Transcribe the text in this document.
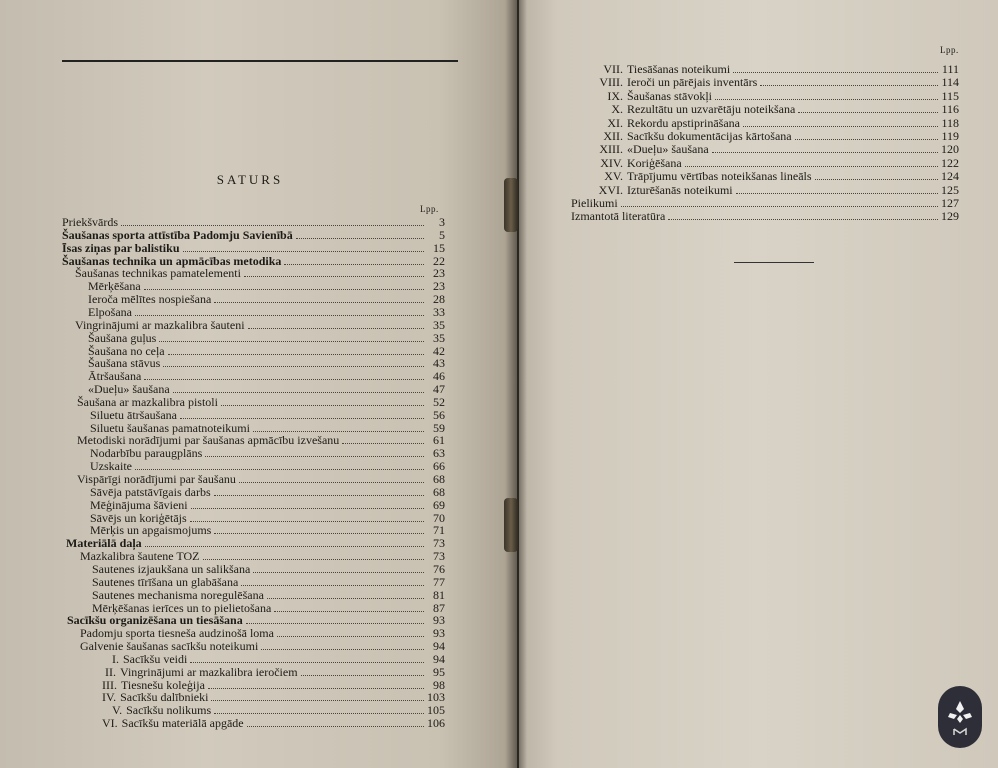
SATURS
Lpp.
Priekšvārds	3
Šaušanas sporta attīstība Padomju Savienībā	5
Īsas ziņas par balistiku	15
Šaušanas technika un apmācības metodika	22
Šaušanas technikas pamatelementi	23
Mērķēšana	23
Ieroča mēlītes nospiešana	28
Elpošana	33
Vingrinājumi ar mazkalibra šauteni	35
Šaušana guļus	35
Šaušana no ceļa	42
Šaušana stāvus	43
Ātršaušana	46
«Dueļu» šaušana	47
Šaušana ar mazkalibra pistoli	52
Siluetu ātršaušana	56
Siluetu šaušanas pamatnoteikumi	59
Metodiski norādījumi par šaušanas apmācību izvešanu	61
Nodarbību paraugplāns	63
Uzskaite	66
Vispārīgi norādījumi par šaušanu	68
Sāvēja patstāvīgais darbs	68
Mēģinājuma šāvieni	69
Sāvējs un koriģētājs	70
Mērķis un apgaismojums	71
Materiālā daļa	73
Mazkalibra šautene TOZ	73
Sautenes izjaukšana un salikšana	76
Sautenes tīrīšana un glabāšana	77
Sautenes mechanisma noregulēšana	81
Mērķēšanas ierīces un to pielietošana	87
Sacīkšu organizēšana un tiesāšana	93
Padomju sporta tiesneša audzinošā loma	93
Galvenie šaušanas sacīkšu noteikumi	94
I. Sacīkšu veidi	94
II. Vingrinājumi ar mazkalibra ieročiem	95
III. Tiesnešu koleģija	98
IV. Sacīkšu dalībnieki	103
V. Sacīkšu nolikums	105
VI. Sacīkšu materiālā apgāde	106
VII. Tiesāšanas noteikumi	111
VIII. Ieroči un pārējais inventārs	114
IX. Šaušanas stāvokļi	115
X. Rezultātu un uzvarētāju noteikšana	116
XI. Rekordu apstiprināšana	118
XII. Sacīkšu dokumentācijas kārtošana	119
XIII. «Dueļu» šaušana	120
XIV. Koriģēšana	122
XV. Trāpījumu vērtības noteikšanas lineāls	124
XVI. Izturēšanās noteikumi	125
Pielikumi	127
Izmantotā literatūra	129
Lpp.
